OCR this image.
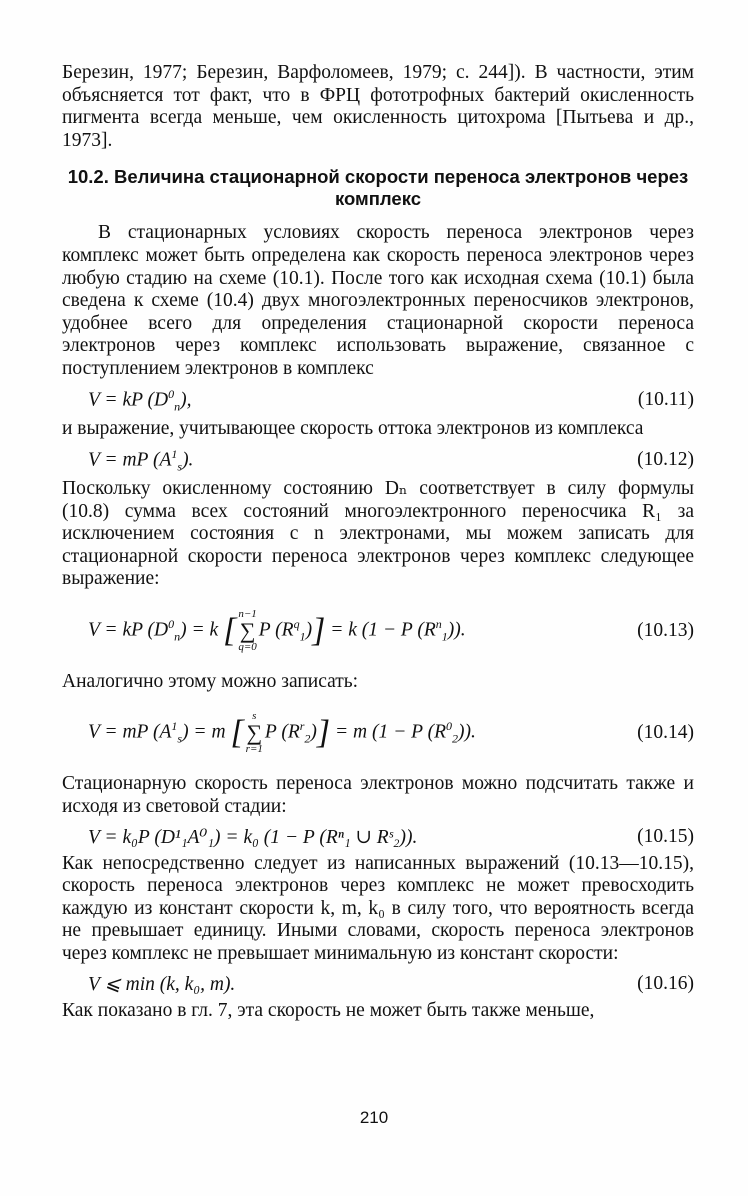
Березин, 1977; Березин, Варфоломеев, 1979; с. 244]). В частности, этим объясняется тот факт, что в ФРЦ фототрофных бактерий окисленность пигмента всегда меньше, чем окисленность цитохрома [Пытьева и др., 1973].

10.2. Величина стационарной скорости переноса электронов через комплекс

В стационарных условиях скорость переноса электронов через комплекс может быть определена как скорость переноса электронов через любую стадию на схеме (10.1). После того как исходная схема (10.1) была сведена к схеме (10.4) двух многоэлектронных переносчиков электронов, удобнее всего для определения стационарной скорости переноса электронов через комплекс использовать выражение, связанное с поступлением электронов в комплекс

V = kP $(D^0_n)$,	(10.11)

и выражение, учитывающее скорость оттока электронов из комплекса

V = mP $(A^1_s)$.	(10.12)

Поскольку окисленному состоянию Dₙ соответствует в силу формулы (10.8) сумма всех состояний многоэлектронного переносчика R₁ за исключением состояния с n электронами, мы можем записать для стационарной скорости переноса электронов через комплекс следующее выражение:

V = kP $(D^0_n) = k$ [ n−1
∑
q=0
P $(R^q_1)] = k$ (1 − P $(R^n_1)$).	(10.13)

Аналогично этому можно записать:

V = mP $(A^1_s) = m$ [ s
∑
r=1
P $(R^r_2)] = m$ (1 − P $(R^0_2)$).	(10.14)

Стационарную скорость переноса электронов можно подсчитать также и исходя из световой стадии:

V = k₀P (D¹₁A⁰₁) = k₀ (1 − P (Rⁿ₁ ∪ Rˢ₂)).	(10.15)

Как непосредственно следует из написанных выражений (10.13—10.15), скорость переноса электронов через комплекс не может превосходить каждую из констант скорости k, m, k₀ в силу того, что вероятность всегда не превышает единицу. Иными словами, скорость переноса электронов через комплекс не превышает минимальную из констант скорости:

V ⩽ min (k, k₀, m).	(10.16)

Как показано в гл. 7, эта скорость не может быть также меньше,

210
